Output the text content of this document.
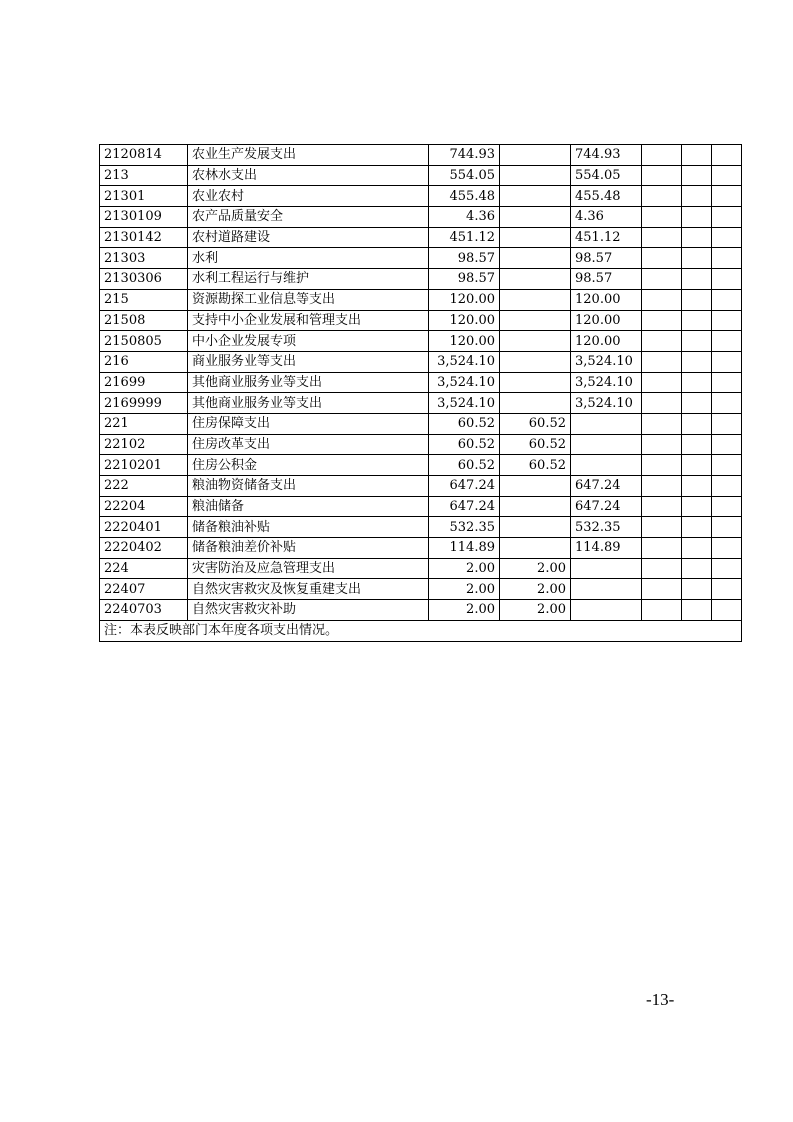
2120814	农业生产发展支出	744.93		744.93			
213	农林水支出	554.05		554.05			
21301	农业农村	455.48		455.48			
2130109	农产品质量安全	4.36		4.36			
2130142	农村道路建设	451.12		451.12			
21303	水利	98.57		98.57			
2130306	水利工程运行与维护	98.57		98.57			
215	资源勘探工业信息等支出	120.00		120.00			
21508	支持中小企业发展和管理支出	120.00		120.00			
2150805	中小企业发展专项	120.00		120.00			
216	商业服务业等支出	3,524.10		3,524.10			
21699	其他商业服务业等支出	3,524.10		3,524.10			
2169999	其他商业服务业等支出	3,524.10		3,524.10			
221	住房保障支出	60.52	60.52				
22102	住房改革支出	60.52	60.52				
2210201	住房公积金	60.52	60.52				
222	粮油物资储备支出	647.24		647.24			
22204	粮油储备	647.24		647.24			
2220401	储备粮油补贴	532.35		532.35			
2220402	储备粮油差价补贴	114.89		114.89			
224	灾害防治及应急管理支出	2.00	2.00				
22407	自然灾害救灾及恢复重建支出	2.00	2.00				
2240703	自然灾害救灾补助	2.00	2.00				
注：本表反映部门本年度各项支出情况。							
-13-
